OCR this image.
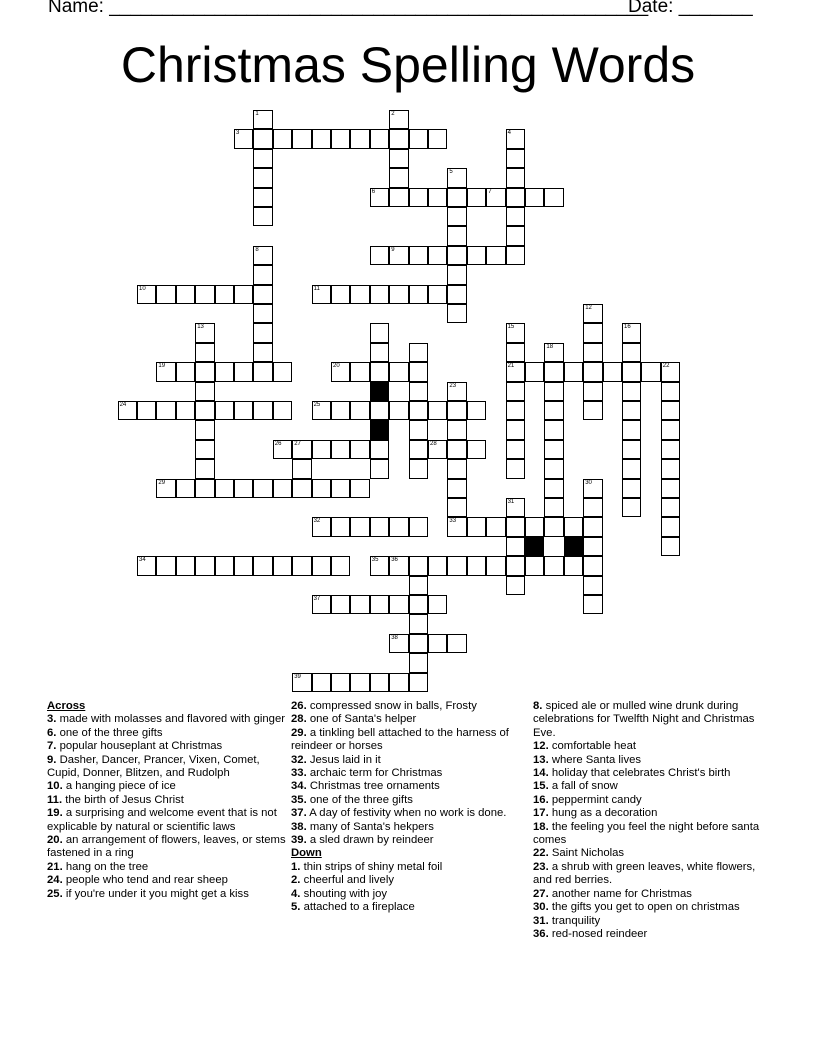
Name: ___________________________________________________
Date: _______
Christmas Spelling Words
3
6	7
9
10	11
19	20	21	22
24	25
26 27	28
29
32	33
34	35 36
37
38
39
1	2
4
5
8
12
13	15	16
18
23
30
31
Across
3. made with molasses and flavored with ginger
6. one of the three gifts
7. popular houseplant at Christmas
9. Dasher, Dancer, Prancer, Vixen, Comet, Cupid, Donner, Blitzen, and Rudolph
10. a hanging piece of ice
11. the birth of Jesus Christ
19. a surprising and welcome event that is not explicable by natural or scientific laws
20. an arrangement of flowers, leaves, or stems fastened in a ring
21. hang on the tree
24. people who tend and rear sheep
25. if you're under it you might get a kiss
26. compressed snow in balls, Frosty
28. one of Santa's helper
29. a tinkling bell attached to the harness of reindeer or horses
32. Jesus laid in it
33. archaic term for Christmas
34. Christmas tree ornaments
35. one of the three gifts
37. A day of festivity when no work is done.
38. many of Santa's hekpers
39. a sled drawn by reindeer
Down
1. thin strips of shiny metal foil
2. cheerful and lively
4. shouting with joy
5. attached to a fireplace
8. spiced ale or mulled wine drunk during celebrations for Twelfth Night and Christmas Eve.
12. comfortable heat
13. where Santa lives
14. holiday that celebrates Christ's birth
15. a fall of snow
16. peppermint candy
17. hung as a decoration
18. the feeling you feel the night before santa comes
22. Saint Nicholas
23. a shrub with green leaves, white flowers, and red berries.
27. another name for Christmas
30. the gifts you get to open on christmas
31. tranquility
36. red-nosed reindeer
